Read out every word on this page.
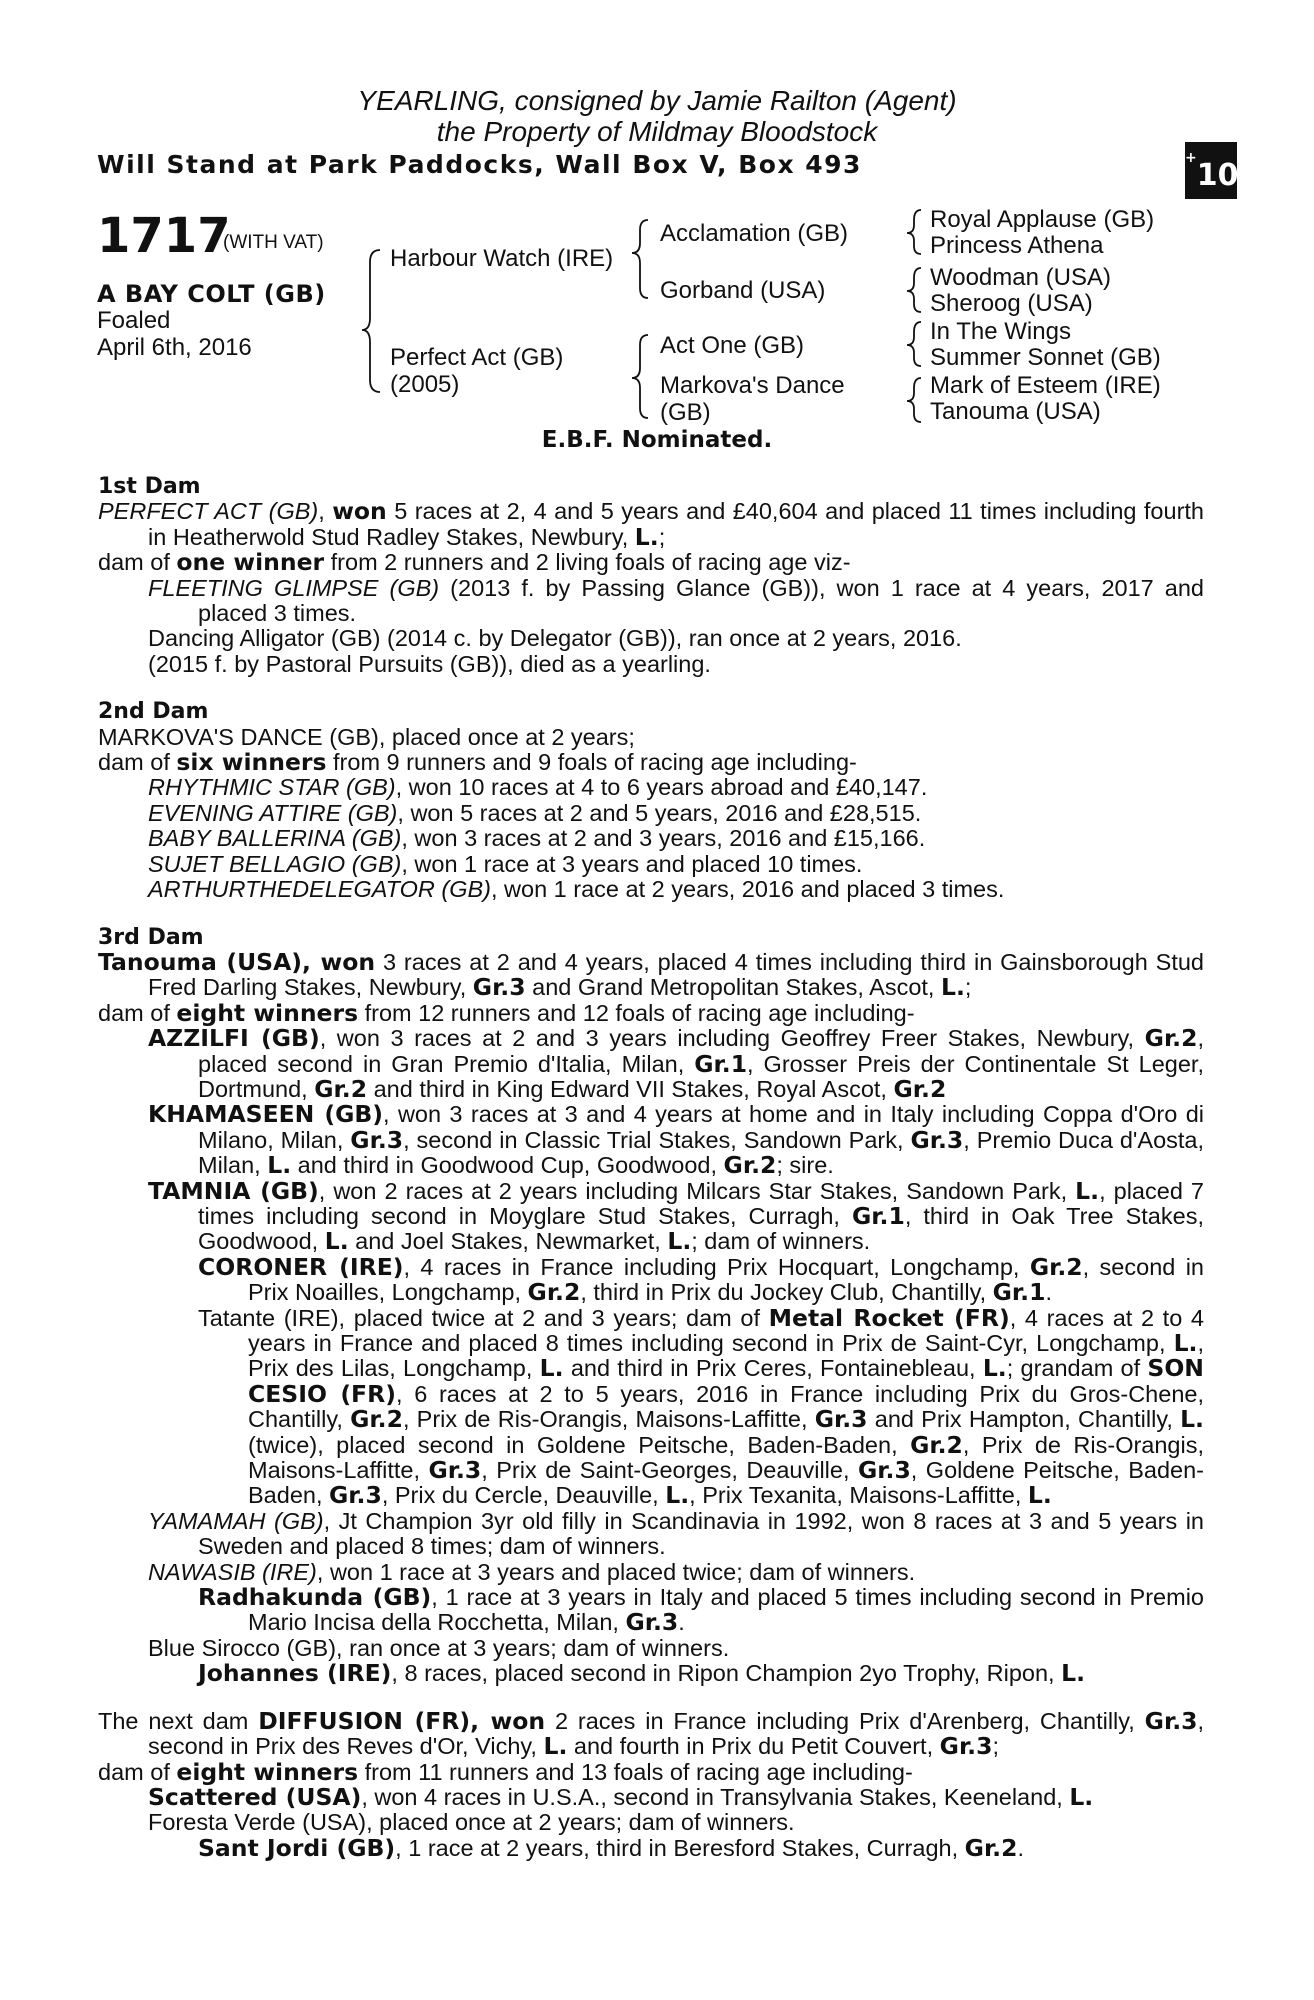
YEARLING, consigned by Jamie Railton (Agent)
the Property of Mildmay Bloodstock
Will Stand at Park Paddocks, Wall Box V, Box 493	+10
1717
(WITH VAT)
A BAY COLT (GB)
Foaled
April 6th, 2016
Harbour Watch (IRE)
Perfect Act (GB)
(2005)
Acclamation (GB)
Gorband (USA)
Act One (GB)
Markova's Dance
(GB)
Royal Applause (GB)
Princess Athena
Woodman (USA)
Sheroog (USA)
In The Wings
Summer Sonnet (GB)
Mark of Esteem (IRE)
Tanouma (USA)
E.B.F. Nominated.

1st Dam

PERFECT ACT (GB), won 5 races at 2, 4 and 5 years and £40,604 and placed 11 times including fourth in Heatherwold Stud Radley Stakes, Newbury, L.;

dam of one winner from 2 runners and 2 living foals of racing age viz-

FLEETING GLIMPSE (GB) (2013 f. by Passing Glance (GB)), won 1 race at 4 years, 2017 and placed 3 times.

Dancing Alligator (GB) (2014 c. by Delegator (GB)), ran once at 2 years, 2016.

(2015 f. by Pastoral Pursuits (GB)), died as a yearling.

2nd Dam

MARKOVA'S DANCE (GB), placed once at 2 years;

dam of six winners from 9 runners and 9 foals of racing age including-

RHYTHMIC STAR (GB), won 10 races at 4 to 6 years abroad and £40,147.

EVENING ATTIRE (GB), won 5 races at 2 and 5 years, 2016 and £28,515.

BABY BALLERINA (GB), won 3 races at 2 and 3 years, 2016 and £15,166.

SUJET BELLAGIO (GB), won 1 race at 3 years and placed 10 times.

ARTHURTHEDELEGATOR (GB), won 1 race at 2 years, 2016 and placed 3 times.

3rd Dam

Tanouma (USA), won 3 races at 2 and 4 years, placed 4 times including third in Gainsborough Stud Fred Darling Stakes, Newbury, Gr.3 and Grand Metropolitan Stakes, Ascot, L.;

dam of eight winners from 12 runners and 12 foals of racing age including-

AZZILFI (GB), won 3 races at 2 and 3 years including Geoffrey Freer Stakes, Newbury, Gr.2, placed second in Gran Premio d'Italia, Milan, Gr.1, Grosser Preis der Continentale St Leger, Dortmund, Gr.2 and third in King Edward VII Stakes, Royal Ascot, Gr.2

KHAMASEEN (GB), won 3 races at 3 and 4 years at home and in Italy including Coppa d'Oro di Milano, Milan, Gr.3, second in Classic Trial Stakes, Sandown Park, Gr.3, Premio Duca d'Aosta, Milan, L. and third in Goodwood Cup, Goodwood, Gr.2; sire.

TAMNIA (GB), won 2 races at 2 years including Milcars Star Stakes, Sandown Park, L., placed 7 times including second in Moyglare Stud Stakes, Curragh, Gr.1, third in Oak Tree Stakes, Goodwood, L. and Joel Stakes, Newmarket, L.; dam of winners.

CORONER (IRE), 4 races in France including Prix Hocquart, Longchamp, Gr.2, second in Prix Noailles, Longchamp, Gr.2, third in Prix du Jockey Club, Chantilly, Gr.1.

Tatante (IRE), placed twice at 2 and 3 years; dam of Metal Rocket (FR), 4 races at 2 to 4 years in France and placed 8 times including second in Prix de Saint-Cyr, Longchamp, L., Prix des Lilas, Longchamp, L. and third in Prix Ceres, Fontainebleau, L.; grandam of SON CESIO (FR), 6 races at 2 to 5 years, 2016 in France including Prix du Gros-Chene, Chantilly, Gr.2, Prix de Ris-Orangis, Maisons-Laffitte, Gr.3 and Prix Hampton, Chantilly, L. (twice), placed second in Goldene Peitsche, Baden-Baden, Gr.2, Prix de Ris-Orangis, Maisons-Laffitte, Gr.3, Prix de Saint-Georges, Deauville, Gr.3, Goldene Peitsche, Baden-Baden, Gr.3, Prix du Cercle, Deauville, L., Prix Texanita, Maisons-Laffitte, L.

YAMAMAH (GB), Jt Champion 3yr old filly in Scandinavia in 1992, won 8 races at 3 and 5 years in Sweden and placed 8 times; dam of winners.

NAWASIB (IRE), won 1 race at 3 years and placed twice; dam of winners.

Radhakunda (GB), 1 race at 3 years in Italy and placed 5 times including second in Premio Mario Incisa della Rocchetta, Milan, Gr.3.

Blue Sirocco (GB), ran once at 3 years; dam of winners.

Johannes (IRE), 8 races, placed second in Ripon Champion 2yo Trophy, Ripon, L.

The next dam DIFFUSION (FR), won 2 races in France including Prix d'Arenberg, Chantilly, Gr.3, second in Prix des Reves d'Or, Vichy, L. and fourth in Prix du Petit Couvert, Gr.3;

dam of eight winners from 11 runners and 13 foals of racing age including-

Scattered (USA), won 4 races in U.S.A., second in Transylvania Stakes, Keeneland, L.

Foresta Verde (USA), placed once at 2 years; dam of winners.

Sant Jordi (GB), 1 race at 2 years, third in Beresford Stakes, Curragh, Gr.2.
